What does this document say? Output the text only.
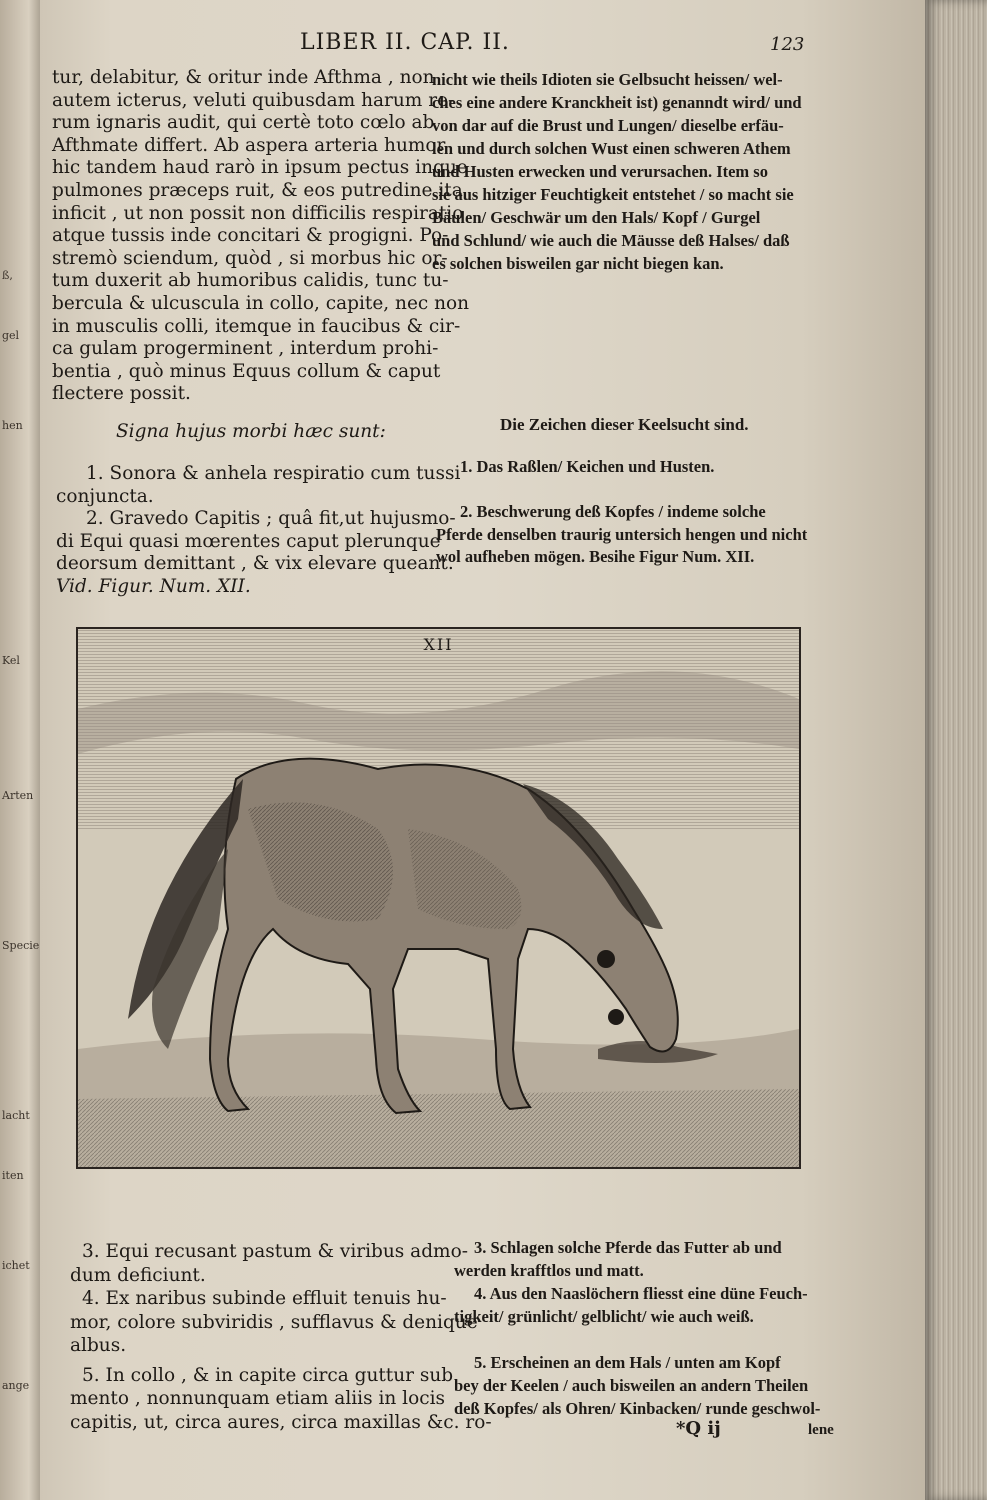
ß,
gel
hen
Kel
Arten
Specie
lacht
iten
ichet
ange
LIBER II. CAP. II.	123

tur, delabitur, & oritur inde Afthma , non

autem icterus, veluti quibusdam harum re-

rum ignaris audit, qui certè toto cœlo ab

Afthmate differt. Ab aspera arteria humor

hic tandem haud rarò in ipsum pectus inque

pulmones præceps ruit, & eos putredine ita

inficit , ut non possit non difficilis respiratio

atque tussis inde concitari & progigni. Po-

stremò sciendum, quòd , si morbus hic or-

tum duxerit ab humoribus calidis, tunc tu-

bercula & ulcuscula in collo, capite, nec non

in musculis colli, itemque in faucibus & cir-

ca gulam progerminent , interdum prohi-

bentia , quò minus Equus collum & caput

flectere possit.

nicht wie theils Idioten sie Gelbsucht heissen/ wel-

ches eine andere Kranckheit ist) genanndt wird/ und

von dar auf die Brust und Lungen/ dieselbe erfäu-

len und durch solchen Wust einen schweren Athem

und Husten erwecken und verursachen. Item so

sie aus hitziger Feuchtigkeit entstehet / so macht sie

Bäulen/ Geschwär um den Hals/ Kopf / Gurgel

und Schlund/ wie auch die Mäusse deß Halses/ daß

es solchen bisweilen gar nicht biegen kan.

Signa hujus morbi hæc sunt:	Die Zeichen dieser Keelsucht sind.

1. Sonora & anhela respiratio cum tussi

conjuncta.

2. Gravedo Capitis ; quâ fit,ut hujusmo-

di Equi quasi mœrentes caput plerunque

deorsum demittant , & vix elevare queant.

Vid. Figur. Num. XII.

1. Das Raßlen/ Keichen und Husten.

2. Beschwerung deß Kopfes / indeme solche

Pferde denselben traurig untersich hengen und nicht

wol aufheben mögen. Besihe Figur Num. XII.

XII

3. Equi recusant pastum & viribus admo-

dum deficiunt.

4. Ex naribus subinde effluit tenuis hu-

mor, colore subviridis , sufflavus & denique

albus.

5. In collo , & in capite circa guttur sub

mento , nonnunquam etiam aliis in locis

capitis, ut, circa aures, circa maxillas &c. ro-

3. Schlagen solche Pferde das Futter ab und

werden krafftlos und matt.

4. Aus den Naaslöchern fliesst eine düne Feuch-

tigkeit/ grünlicht/ gelblicht/ wie auch weiß.

5. Erscheinen an dem Hals / unten am Kopf

bey der Keelen / auch bisweilen an andern Theilen

deß Kopfes/ als Ohren/ Kinbacken/ runde geschwol-

*Q ij	lene
